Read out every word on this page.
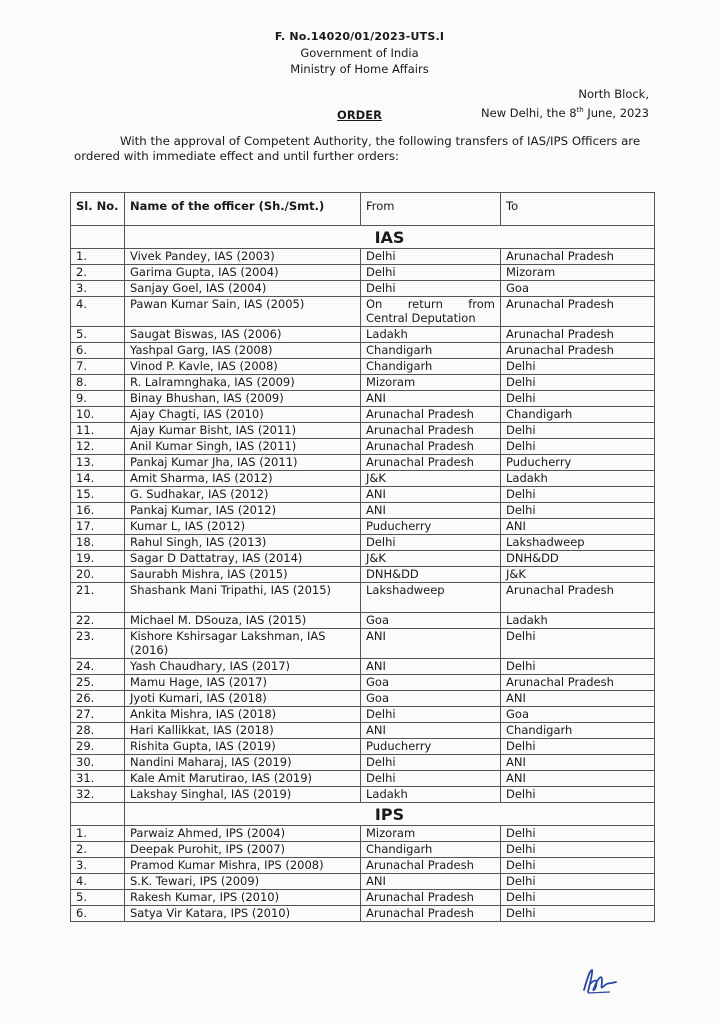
F. No.14020/01/2023-UTS.I
Government of India
Ministry of Home Affairs
North Block,
New Delhi, the 8th June, 2023
ORDER
With the approval of Competent Authority, the following transfers of IAS/IPS Officers are ordered with immediate effect and until further orders:
Sl. No.	Name of the officer (Sh./Smt.)	From	To
	IAS		
1.	Vivek Pandey, IAS (2003)	Delhi	Arunachal Pradesh
2.	Garima Gupta, IAS (2004)	Delhi	Mizoram
3.	Sanjay Goel, IAS (2004)	Delhi	Goa
4.	Pawan Kumar Sain, IAS (2005)	On return from Central Deputation	Arunachal Pradesh
5.	Saugat Biswas, IAS (2006)	Ladakh	Arunachal Pradesh
6.	Yashpal Garg, IAS (2008)	Chandigarh	Arunachal Pradesh
7.	Vinod P. Kavle, IAS (2008)	Chandigarh	Delhi
8.	R. Lalramnghaka, IAS (2009)	Mizoram	Delhi
9.	Binay Bhushan, IAS (2009)	ANI	Delhi
10.	Ajay Chagti, IAS (2010)	Arunachal Pradesh	Chandigarh
11.	Ajay Kumar Bisht, IAS (2011)	Arunachal Pradesh	Delhi
12.	Anil Kumar Singh, IAS (2011)	Arunachal Pradesh	Delhi
13.	Pankaj Kumar Jha, IAS (2011)	Arunachal Pradesh	Puducherry
14.	Amit Sharma, IAS (2012)	J&K	Ladakh
15.	G. Sudhakar, IAS (2012)	ANI	Delhi
16.	Pankaj Kumar, IAS (2012)	ANI	Delhi
17.	Kumar L, IAS (2012)	Puducherry	ANI
18.	Rahul Singh, IAS (2013)	Delhi	Lakshadweep
19.	Sagar D Dattatray, IAS (2014)	J&K	DNH&DD
20.	Saurabh Mishra, IAS (2015)	DNH&DD	J&K
21.	Shashank Mani Tripathi, IAS (2015)	Lakshadweep	Arunachal Pradesh
22.	Michael M. DSouza, IAS (2015)	Goa	Ladakh
23.	Kishore Kshirsagar Lakshman, IAS (2016)	ANI	Delhi
24.	Yash Chaudhary, IAS (2017)	ANI	Delhi
25.	Mamu Hage, IAS (2017)	Goa	Arunachal Pradesh
26.	Jyoti Kumari, IAS (2018)	Goa	ANI
27.	Ankita Mishra, IAS (2018)	Delhi	Goa
28.	Hari Kallikkat, IAS (2018)	ANI	Chandigarh
29.	Rishita Gupta, IAS (2019)	Puducherry	Delhi
30.	Nandini Maharaj, IAS (2019)	Delhi	ANI
31.	Kale Amit Marutirao, IAS (2019)	Delhi	ANI
32.	Lakshay Singhal, IAS (2019)	Ladakh	Delhi
	IPS		
1.	Parwaiz Ahmed, IPS (2004)	Mizoram	Delhi
2.	Deepak Purohit, IPS (2007)	Chandigarh	Delhi
3.	Pramod Kumar Mishra, IPS (2008)	Arunachal Pradesh	Delhi
4.	S.K. Tewari, IPS (2009)	ANI	Delhi
5.	Rakesh Kumar, IPS (2010)	Arunachal Pradesh	Delhi
6.	Satya Vir Katara, IPS (2010)	Arunachal Pradesh	Delhi
